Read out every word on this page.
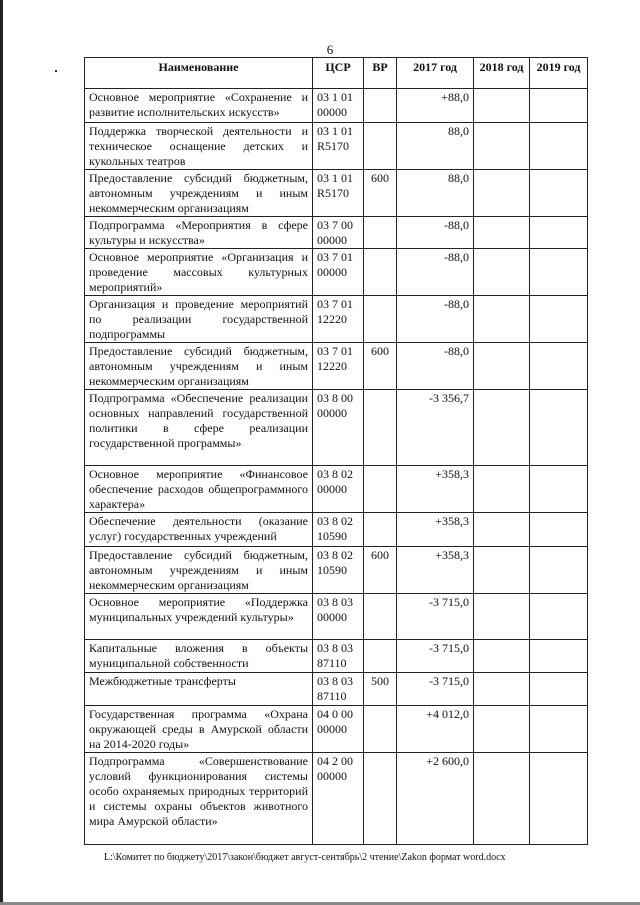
6
Наименование	ЦСР	ВР	2017 год	2018 год	2019 год
Основное мероприятие «Сохранение и развитие исполнительских искусств»	03 1 01 00000		+88,0		
Поддержка творческой деятельности и техническое оснащение детских и кукольных театров	03 1 01 R5170		88,0		
Предоставление субсидий бюджетным, автономным учреждениям и иным некоммерческим организациям	03 1 01 R5170	600	88,0		
Подпрограмма «Мероприятия в сфере культуры и искусства»	03 7 00 00000		-88,0		
Основное мероприятие «Организация и проведение массовых культурных мероприятий»	03 7 01 00000		-88,0		
Организация и проведение мероприятий по реализации государственной подпрограммы	03 7 01 12220		-88,0		
Предоставление субсидий бюджетным, автономным учреждениям и иным некоммерческим организациям	03 7 01 12220	600	-88,0		
Подпрограмма «Обеспечение реализации основных направлений государственной политики в сфере реализации государственной программы»	03 8 00 00000		-3 356,7		
Основное мероприятие «Финансовое обеспечение расходов общепрограммного характера»	03 8 02 00000		+358,3		
Обеспечение деятельности (оказание услуг) государственных учреждений	03 8 02 10590		+358,3		
Предоставление субсидий бюджетным, автономным учреждениям и иным некоммерческим организациям	03 8 02 10590	600	+358,3		
Основное мероприятие «Поддержка муниципальных учреждений культуры»	03 8 03 00000		-3 715,0		
Капитальные вложения в объекты муниципальной собственности	03 8 03 87110		-3 715,0		
Межбюджетные трансферты	03 8 03 87110	500	-3 715,0		
Государственная программа «Охрана окружающей среды в Амурской области на 2014-2020 годы»	04 0 00 00000		+4 012,0		
Подпрограмма «Совершенствование условий функционирования системы особо охраняемых природных территорий и системы охраны объектов животного мира Амурской области»	04 2 00 00000		+2 600,0		
L:\Комитет по бюджету\2017\закон\бюджет август-сентябрь\2 чтение\Zakon формат word.docx
